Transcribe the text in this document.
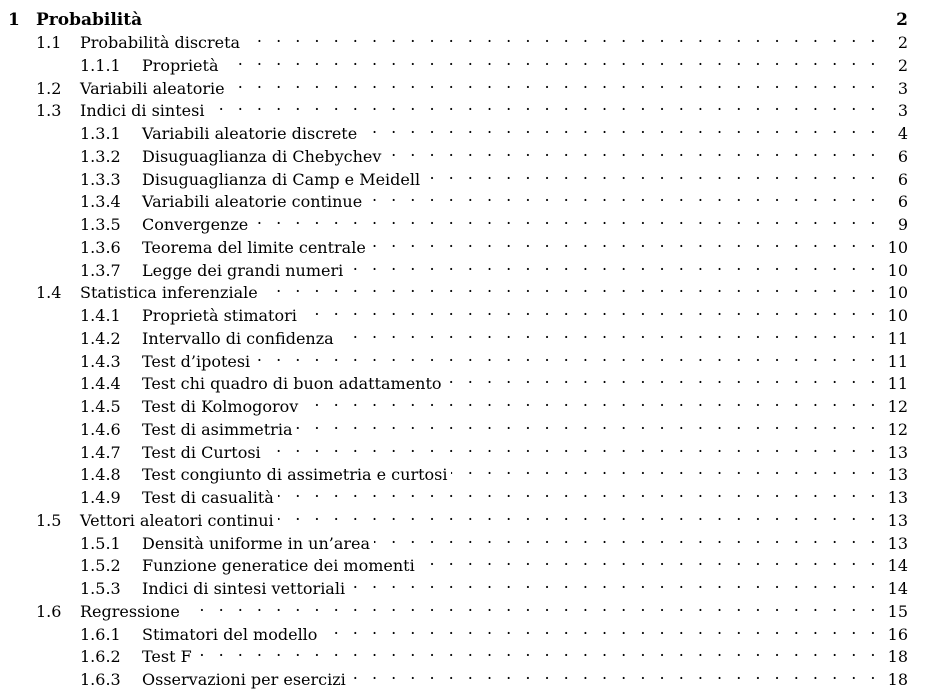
1 Probabilità	2
1.1	Probabilità discreta . . .	2
1.1.1	Proprietà . . .	2
1.2	Variabili aleatorie . . .	3
1.3	Indici di sintesi . . .	3
1.3.1	Variabili aleatorie discrete . . .	4
1.3.2	Disuguaglianza di Chebychev . . .	6
1.3.3	Disuguaglianza di Camp e Meidell . . .	6
1.3.4	Variabili aleatorie continue . . .	6
1.3.5	Convergenze . . .	9
1.3.6	Teorema del limite centrale . . .	10
1.3.7	Legge dei grandi numeri . . .	10
1.4	Statistica inferenziale . . .	10
1.4.1	Proprietà stimatori . . .	10
1.4.2	Intervallo di confidenza . . .	11
1.4.3	Test d’ipotesi . . .	11
1.4.4	Test chi quadro di buon adattamento . . .	11
1.4.5	Test di Kolmogorov . . .	12
1.4.6	Test di asimmetria . . .	12
1.4.7	Test di Curtosi . . .	13
1.4.8	Test congiunto di assimetria e curtosi . . .	13
1.4.9	Test di casualità . . .	13
1.5	Vettori aleatori continui . . .	13
1.5.1	Densità uniforme in un’area . . .	13
1.5.2	Funzione generatice dei momenti . . .	14
1.5.3	Indici di sintesi vettoriali . . .	14
1.6	Regressione . . .	15
1.6.1	Stimatori del modello . . .	16
1.6.2	Test F . . .	18
1.6.3	Osservazioni per esercizi . . .	18
